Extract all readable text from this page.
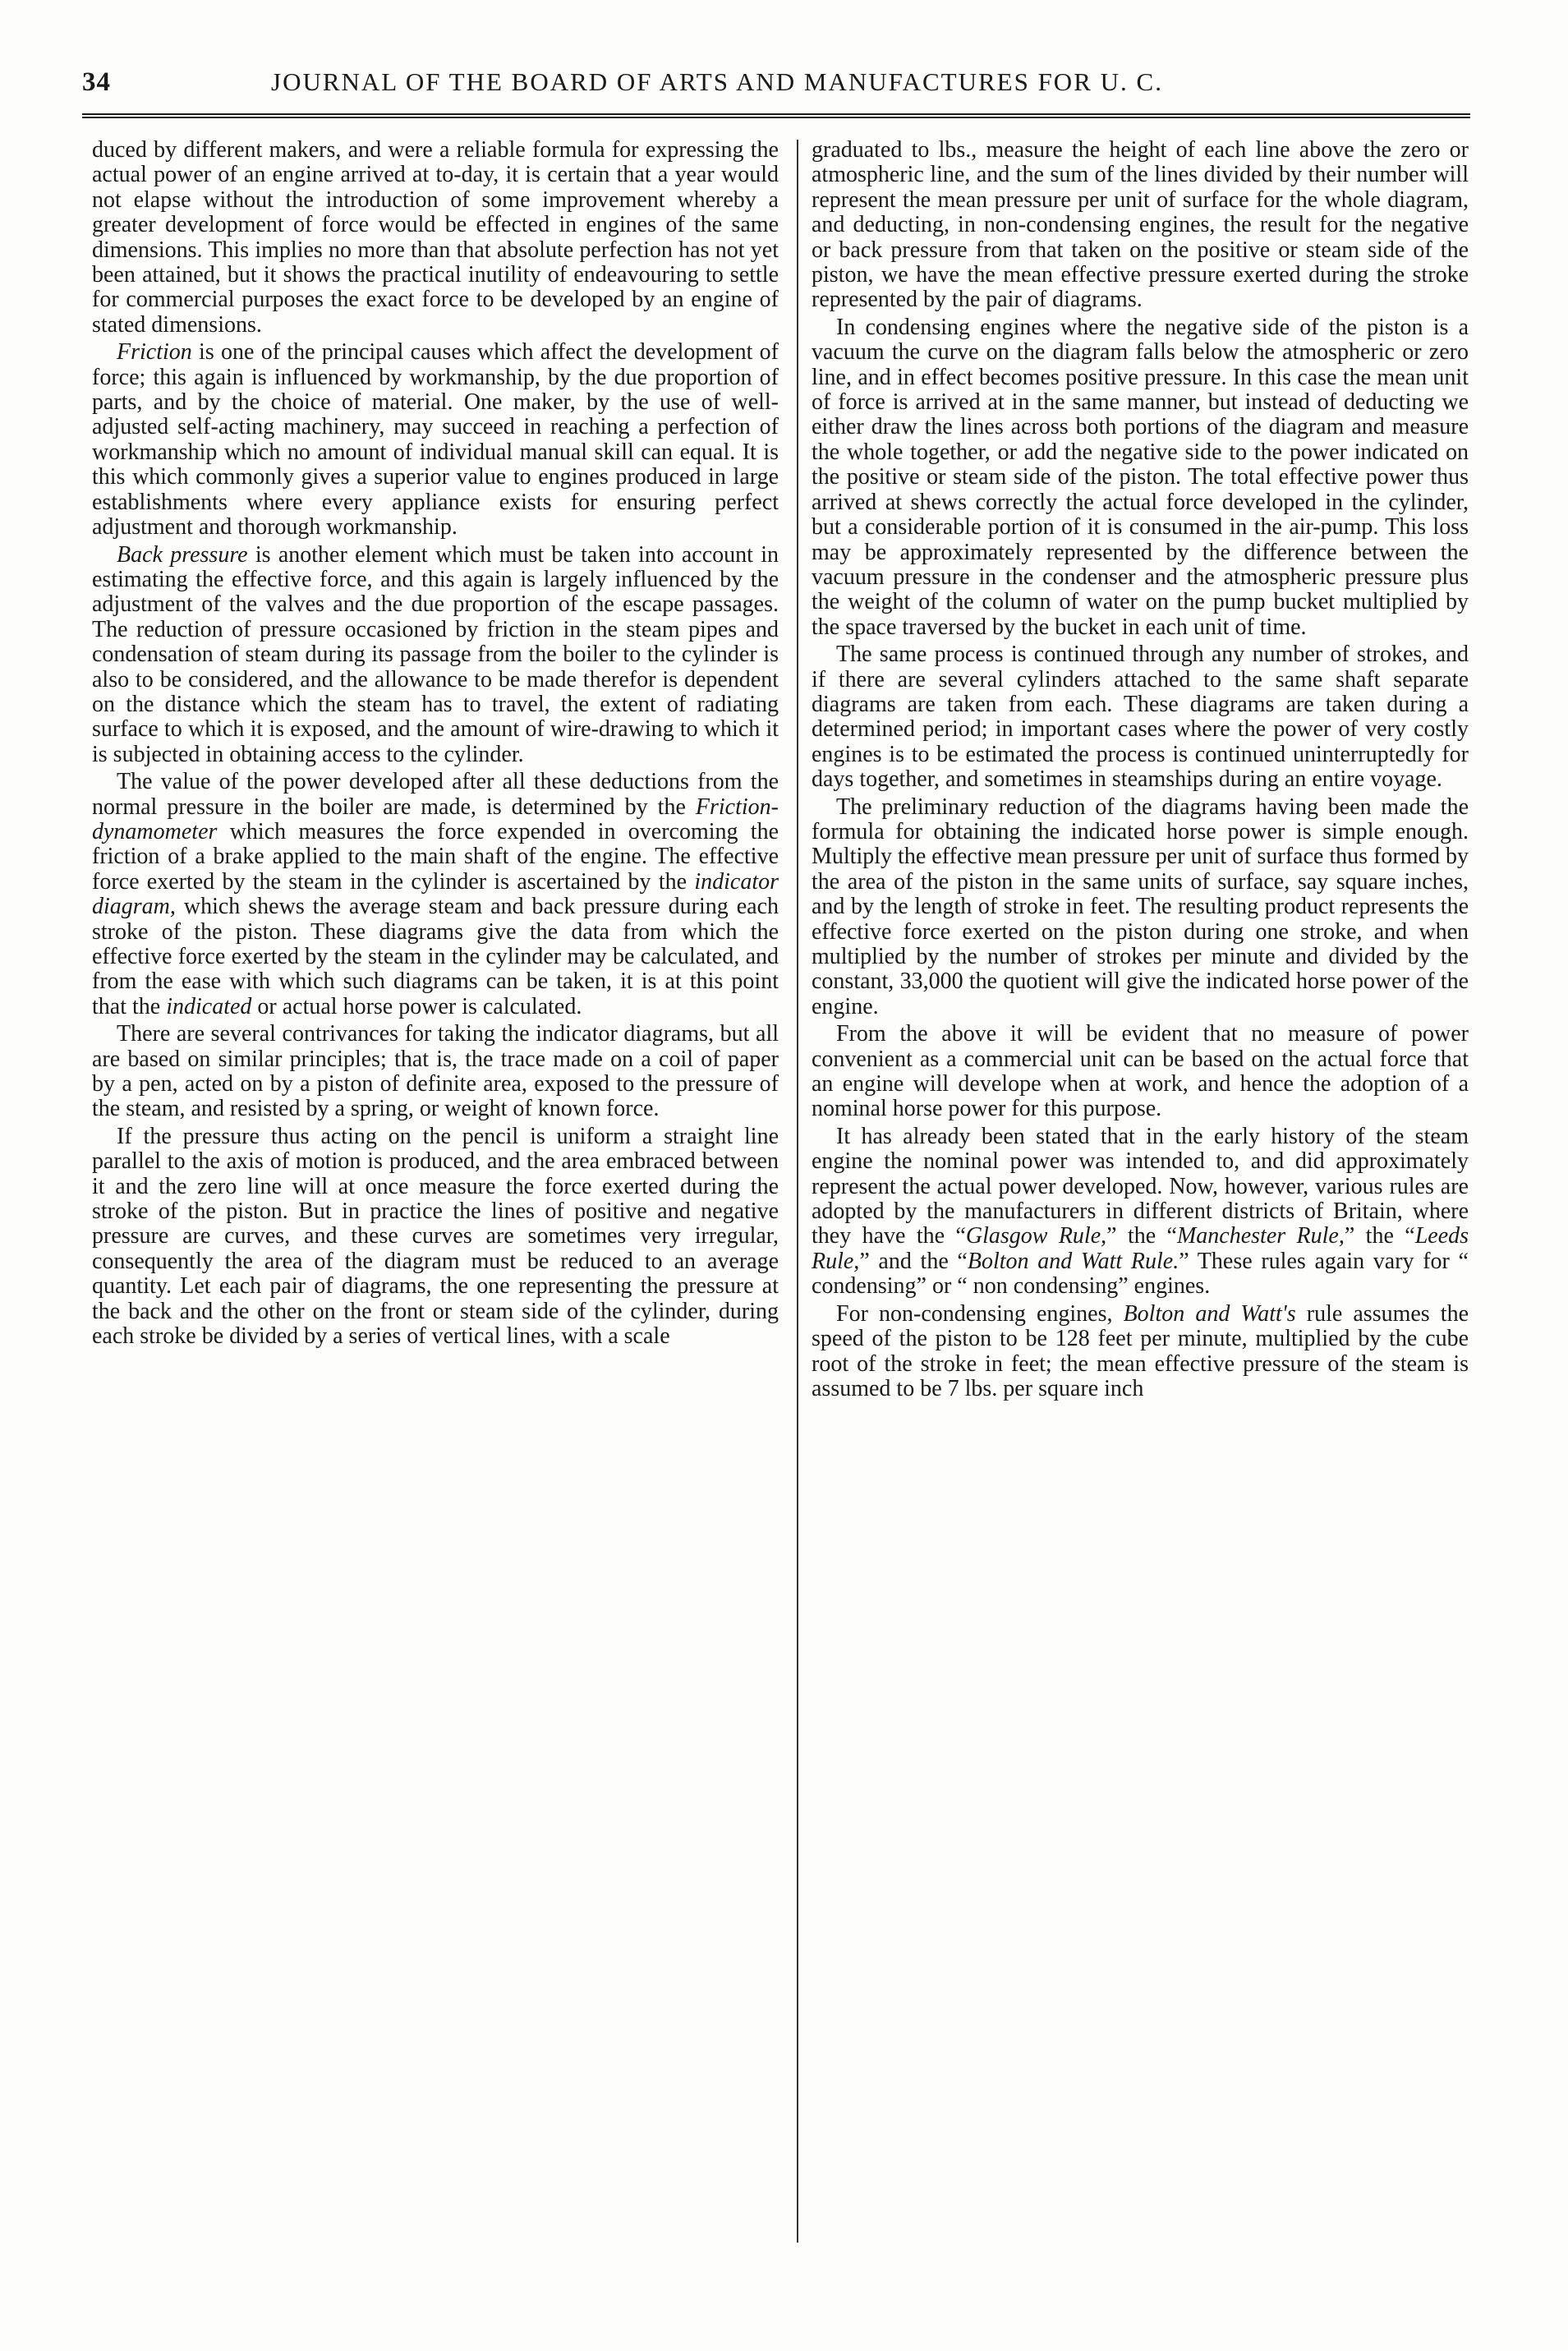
34	JOURNAL OF THE BOARD OF ARTS AND MANUFACTURES FOR U. C.

duced by different makers, and were a reliable formula for expressing the actual power of an engine arrived at to-day, it is certain that a year would not elapse without the introduction of some improvement whereby a greater development of force would be effected in engines of the same dimensions. This implies no more than that absolute perfection has not yet been attained, but it shows the practical inutility of endeavouring to settle for commercial purposes the exact force to be developed by an engine of stated dimensions.

Friction is one of the principal causes which affect the development of force; this again is influenced by workmanship, by the due proportion of parts, and by the choice of material. One maker, by the use of well-adjusted self-acting machinery, may succeed in reaching a perfection of workmanship which no amount of individual manual skill can equal. It is this which commonly gives a superior value to engines produced in large establishments where every appliance exists for ensuring perfect adjustment and thorough workmanship.

Back pressure is another element which must be taken into account in estimating the effective force, and this again is largely influenced by the adjustment of the valves and the due proportion of the escape passages. The reduction of pressure occasioned by friction in the steam pipes and condensation of steam during its passage from the boiler to the cylinder is also to be considered, and the allowance to be made therefor is dependent on the distance which the steam has to travel, the extent of radiating surface to which it is exposed, and the amount of wire-drawing to which it is subjected in obtaining access to the cylinder.

The value of the power developed after all these deductions from the normal pressure in the boiler are made, is determined by the Friction-dynamometer which measures the force expended in overcoming the friction of a brake applied to the main shaft of the engine. The effective force exerted by the steam in the cylinder is ascertained by the indicator diagram, which shews the average steam and back pressure during each stroke of the piston. These diagrams give the data from which the effective force exerted by the steam in the cylinder may be calculated, and from the ease with which such diagrams can be taken, it is at this point that the indicated or actual horse power is calculated.

There are several contrivances for taking the indicator diagrams, but all are based on similar principles; that is, the trace made on a coil of paper by a pen, acted on by a piston of definite area, exposed to the pressure of the steam, and resisted by a spring, or weight of known force.

If the pressure thus acting on the pencil is uniform a straight line parallel to the axis of motion is produced, and the area embraced between it and the zero line will at once measure the force exerted during the stroke of the piston. But in practice the lines of positive and negative pressure are curves, and these curves are sometimes very irregular, consequently the area of the diagram must be reduced to an average quantity. Let each pair of diagrams, the one representing the pressure at the back and the other on the front or steam side of the cylinder, during each stroke be divided by a series of vertical lines, with a scale

graduated to lbs., measure the height of each line above the zero or atmospheric line, and the sum of the lines divided by their number will represent the mean pressure per unit of surface for the whole diagram, and deducting, in non-condensing engines, the result for the negative or back pressure from that taken on the positive or steam side of the piston, we have the mean effective pressure exerted during the stroke represented by the pair of diagrams.

In condensing engines where the negative side of the piston is a vacuum the curve on the diagram falls below the atmospheric or zero line, and in effect becomes positive pressure. In this case the mean unit of force is arrived at in the same manner, but instead of deducting we either draw the lines across both portions of the diagram and measure the whole together, or add the negative side to the power indicated on the positive or steam side of the piston. The total effective power thus arrived at shews correctly the actual force developed in the cylinder, but a considerable portion of it is consumed in the air-pump. This loss may be approximately represented by the difference between the vacuum pressure in the condenser and the atmospheric pressure plus the weight of the column of water on the pump bucket multiplied by the space traversed by the bucket in each unit of time.

The same process is continued through any number of strokes, and if there are several cylinders attached to the same shaft separate diagrams are taken from each. These diagrams are taken during a determined period; in important cases where the power of very costly engines is to be estimated the process is continued uninterruptedly for days together, and sometimes in steamships during an entire voyage.

The preliminary reduction of the diagrams having been made the formula for obtaining the indicated horse power is simple enough. Multiply the effective mean pressure per unit of surface thus formed by the area of the piston in the same units of surface, say square inches, and by the length of stroke in feet. The resulting product represents the effective force exerted on the piston during one stroke, and when multiplied by the number of strokes per minute and divided by the constant, 33,000 the quotient will give the indicated horse power of the engine.

From the above it will be evident that no measure of power convenient as a commercial unit can be based on the actual force that an engine will develope when at work, and hence the adoption of a nominal horse power for this purpose.

It has already been stated that in the early history of the steam engine the nominal power was intended to, and did approximately represent the actual power developed. Now, however, various rules are adopted by the manufacturers in different districts of Britain, where they have the “Glasgow Rule,” the “Manchester Rule,” the “Leeds Rule,” and the “Bolton and Watt Rule.” These rules again vary for “ condensing” or “ non condensing” engines.

For non-condensing engines, Bolton and Watt's rule assumes the speed of the piston to be 128 feet per minute, multiplied by the cube root of the stroke in feet; the mean effective pressure of the steam is assumed to be 7 lbs. per square inch
